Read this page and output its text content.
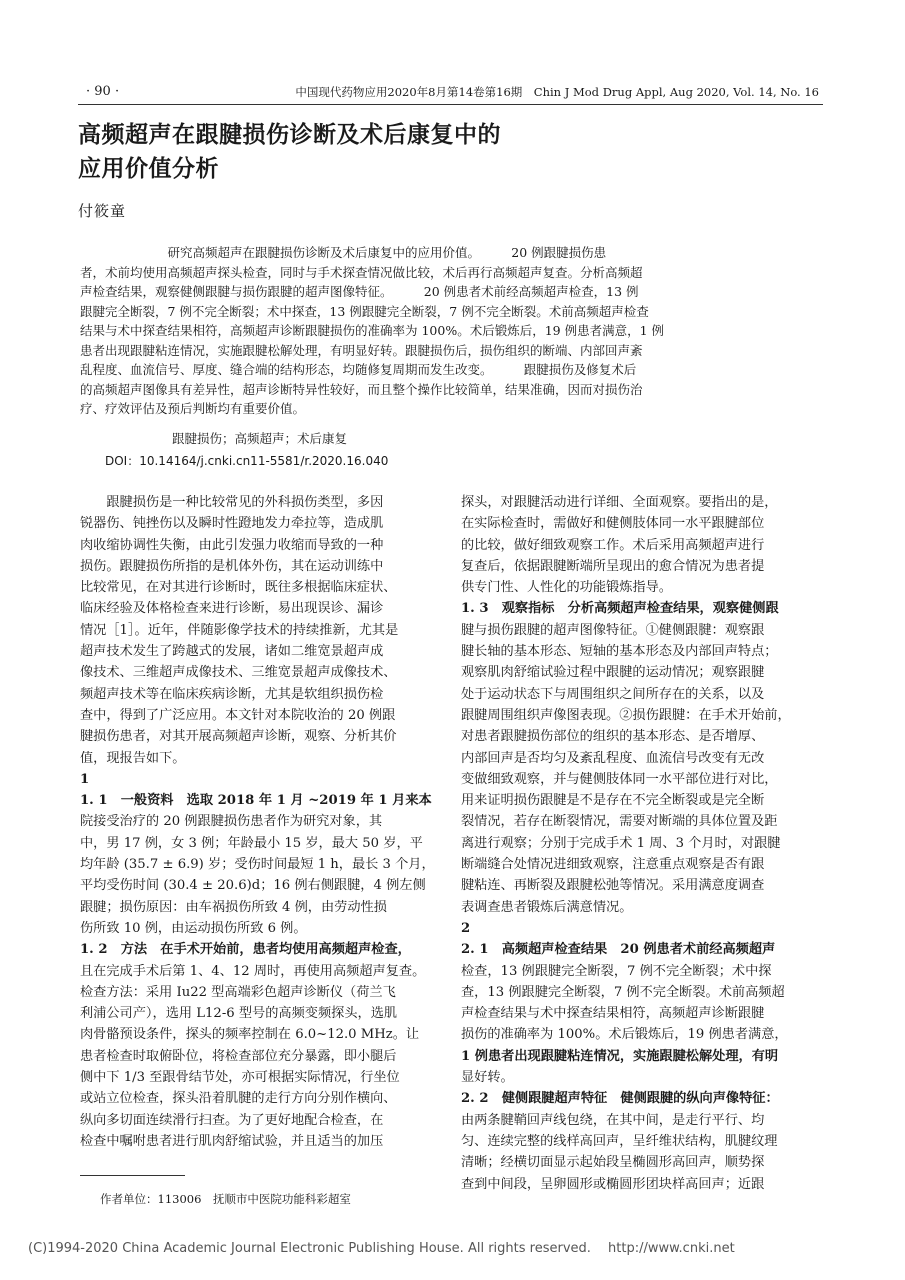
· 90 ·	中国现代药物应用2020年8月第14卷第16期　Chin J Mod Drug Appl, Aug 2020, Vol. 14, No. 16
高频超声在跟腱损伤诊断及术后康复中的
应用价值分析
付筱童
　　　　　　　研究高频超声在跟腱损伤诊断及术后康复中的应用价值。　　　20 例跟腱损伤患
者，术前均使用高频超声探头检查，同时与手术探查情况做比较，术后再行高频超声复查。分析高频超
声检查结果，观察健侧跟腱与损伤跟腱的超声图像特征。　　　20 例患者术前经高频超声检查，13 例
跟腱完全断裂，7 例不完全断裂；术中探查，13 例跟腱完全断裂，7 例不完全断裂。术前高频超声检查
结果与术中探查结果相符，高频超声诊断跟腱损伤的准确率为 100%。术后锻炼后，19 例患者满意，1 例
患者出现跟腱粘连情况，实施跟腱松解处理，有明显好转。跟腱损伤后，损伤组织的断端、内部回声紊
乱程度、血流信号、厚度、缝合端的结构形态，均随修复周期而发生改变。　　　跟腱损伤及修复术后
的高频超声图像具有差异性，超声诊断特异性较好，而且整个操作比较简单，结果准确，因而对损伤治
疗、疗效评估及预后判断均有重要价值。
跟腱损伤；高频超声；术后康复
DOI：10.14164/j.cnki.cn11-5581/r.2020.16.040
　　跟腱损伤是一种比较常见的外科损伤类型，多因
锐器伤、钝挫伤以及瞬时性蹬地发力牵拉等，造成肌
肉收缩协调性失衡，由此引发强力收缩而导致的一种
损伤。跟腱损伤所指的是机体外伤，其在运动训练中
比较常见，在对其进行诊断时，既往多根据临床症状、
临床经验及体格检查来进行诊断，易出现误诊、漏诊
情况［1］。近年，伴随影像学技术的持续推新，尤其是
超声技术发生了跨越式的发展，诸如二维宽景超声成
像技术、三维超声成像技术、三维宽景超声成像技术、
频超声技术等在临床疾病诊断，尤其是软组织损伤检
查中，得到了广泛应用。本文针对本院收治的 20 例跟
腱损伤患者，对其开展高频超声诊断，观察、分析其价
值，现报告如下。
1
1. 1　一般资料　选取 2018 年 1 月 ~2019 年 1 月来本
院接受治疗的 20 例跟腱损伤患者作为研究对象，其
中，男 17 例，女 3 例；年龄最小 15 岁，最大 50 岁，平
均年龄 (35.7 ± 6.9) 岁；受伤时间最短 1 h，最长 3 个月，
平均受伤时间 (30.4 ± 20.6)d；16 例右侧跟腱，4 例左侧
跟腱；损伤原因：由车祸损伤所致 4 例，由劳动性损
伤所致 10 例，由运动损伤所致 6 例。
1. 2　方法　在手术开始前，患者均使用高频超声检查，
且在完成手术后第 1、4、12 周时，再使用高频超声复查。
检查方法：采用 Iu22 型高端彩色超声诊断仪（荷兰飞
利浦公司产），选用 L12-6 型号的高频变频探头，选肌
肉骨骼预设条件，探头的频率控制在 6.0~12.0 MHz。让
患者检查时取俯卧位，将检查部位充分暴露，即小腿后
侧中下 1/3 至跟骨结节处，亦可根据实际情况，行坐位
或站立位检查，探头沿着肌腱的走行方向分别作横向、
纵向多切面连续滑行扫查。为了更好地配合检查，在
检查中嘱咐患者进行肌肉舒缩试验，并且适当的加压
探头，对跟腱活动进行详细、全面观察。要指出的是，
在实际检查时，需做好和健侧肢体同一水平跟腱部位
的比较，做好细致观察工作。术后采用高频超声进行
复查后，依据跟腱断端所呈现出的愈合情况为患者提
供专门性、人性化的功能锻炼指导。
1. 3　观察指标　分析高频超声检查结果，观察健侧跟
腱与损伤跟腱的超声图像特征。①健侧跟腱：观察跟
腱长轴的基本形态、短轴的基本形态及内部回声特点；
观察肌肉舒缩试验过程中跟腱的运动情况；观察跟腱
处于运动状态下与周围组织之间所存在的关系，以及
跟腱周围组织声像图表现。②损伤跟腱：在手术开始前，
对患者跟腱损伤部位的组织的基本形态、是否增厚、
内部回声是否均匀及紊乱程度、血流信号改变有无改
变做细致观察，并与健侧肢体同一水平部位进行对比，
用来证明损伤跟腱是不是存在不完全断裂或是完全断
裂情况，若存在断裂情况，需要对断端的具体位置及距
离进行观察；分别于完成手术 1 周、3 个月时，对跟腱
断端缝合处情况进细致观察，注意重点观察是否有跟
腱粘连、再断裂及跟腱松弛等情况。采用满意度调查
表调查患者锻炼后满意情况。
2
2. 1　高频超声检查结果　20 例患者术前经高频超声
检查，13 例跟腱完全断裂，7 例不完全断裂；术中探
查，13 例跟腱完全断裂，7 例不完全断裂。术前高频超
声检查结果与术中探查结果相符，高频超声诊断跟腱
损伤的准确率为 100%。术后锻炼后，19 例患者满意，
1 例患者出现跟腱粘连情况，实施跟腱松解处理，有明
显好转。
2. 2　健侧跟腱超声特征　健侧跟腱的纵向声像特征：
由两条腱鞘回声线包绕，在其中间，是走行平行、均
匀、连续完整的线样高回声，呈纤维状结构，肌腱纹理
清晰；经横切面显示起始段呈椭圆形高回声，顺势探
查到中间段，呈卵圆形或椭圆形团块样高回声；近跟
作者单位：113006　抚顺市中医院功能科彩超室
(C)1994-2020 China Academic Journal Electronic Publishing House. All rights reserved.　 http://www.cnki.net
